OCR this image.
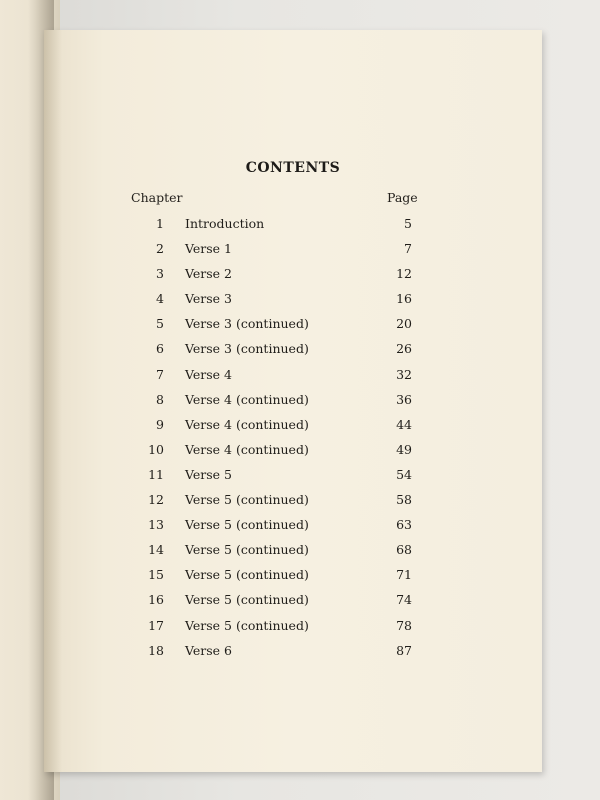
CONTENTS
Chapter	Page
1 Introduction	5
2 Verse 1	7
3 Verse 2	12
4 Verse 3	16
5 Verse 3 (continued)	20
6 Verse 3 (continued)	26
7 Verse 4	32
8 Verse 4 (continued)	36
9 Verse 4 (continued)	44
10 Verse 4 (continued)	49
11 Verse 5	54
12 Verse 5 (continued)	58
13 Verse 5 (continued)	63
14 Verse 5 (continued)	68
15 Verse 5 (continued)	71
16 Verse 5 (continued)	74
17 Verse 5 (continued)	78
18 Verse 6	87
